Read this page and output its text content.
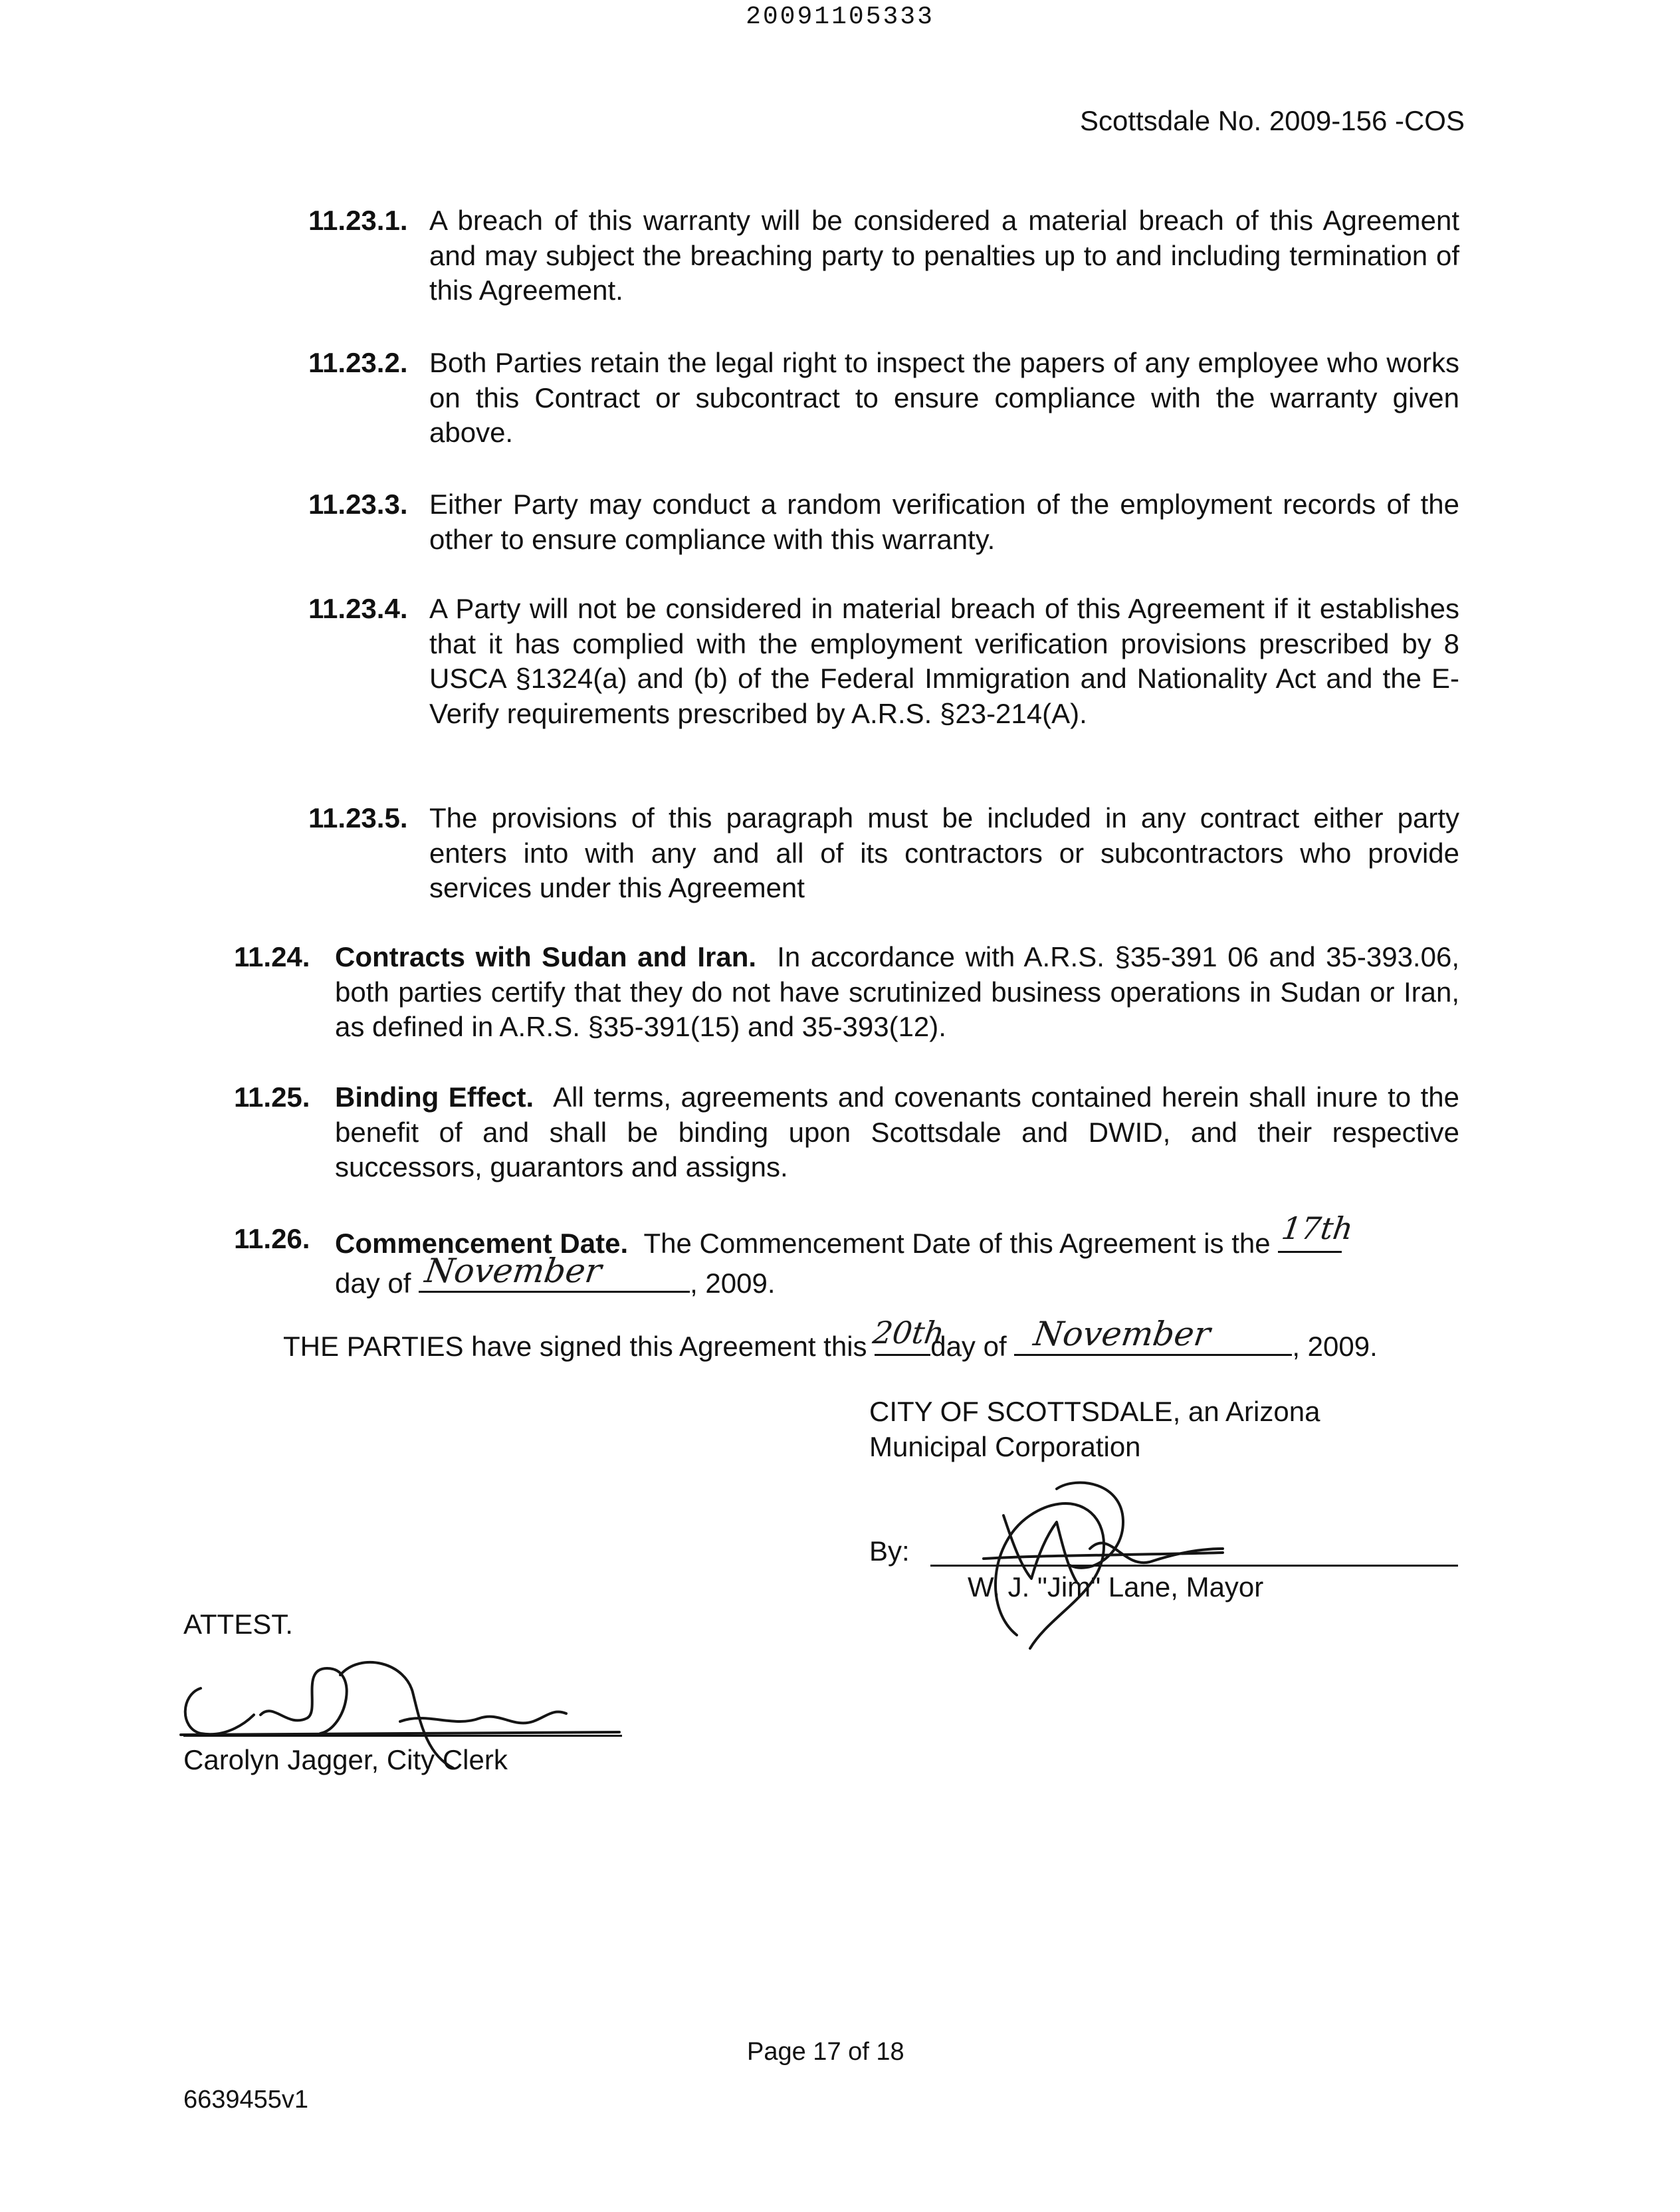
20091105333
Scottsdale No. 2009-156 -COS
11.23.1. A breach of this warranty will be considered a material breach of this Agreement and may subject the breaching party to penalties up to and including termination of this Agreement.
11.23.2. Both Parties retain the legal right to inspect the papers of any employee who works on this Contract or subcontract to ensure compliance with the warranty given above.
11.23.3. Either Party may conduct a random verification of the employment records of the other to ensure compliance with this warranty.
11.23.4. A Party will not be considered in material breach of this Agreement if it establishes that it has complied with the employment verification provisions prescribed by 8 USCA §1324(a) and (b) of the Federal Immigration and Nationality Act and the E-Verify requirements prescribed by A.R.S. §23-214(A).
11.23.5. The provisions of this paragraph must be included in any contract either party enters into with any and all of its contractors or subcontractors who provide services under this Agreement
11.24. Contracts with Sudan and Iran. In accordance with A.R.S. §35-391 06 and 35-393.06, both parties certify that they do not have scrutinized business operations in Sudan or Iran, as defined in A.R.S. §35-391(15) and 35-393(12).
11.25. Binding Effect. All terms, agreements and covenants contained herein shall inure to the benefit of and shall be binding upon Scottsdale and DWID, and their respective successors, guarantors and assigns.
11.26. Commencement Date. The Commencement Date of this Agreement is the 17th

day of November	, 2009.
THE PARTIES have signed this Agreement this 20th
day of November	, 2009.
CITY OF SCOTTSDALE, an Arizona
Municipal Corporation
By:
W. J. "Jim" Lane, Mayor
ATTEST.
Carolyn Jagger, City Clerk
Page 17 of 18
6639455v1
